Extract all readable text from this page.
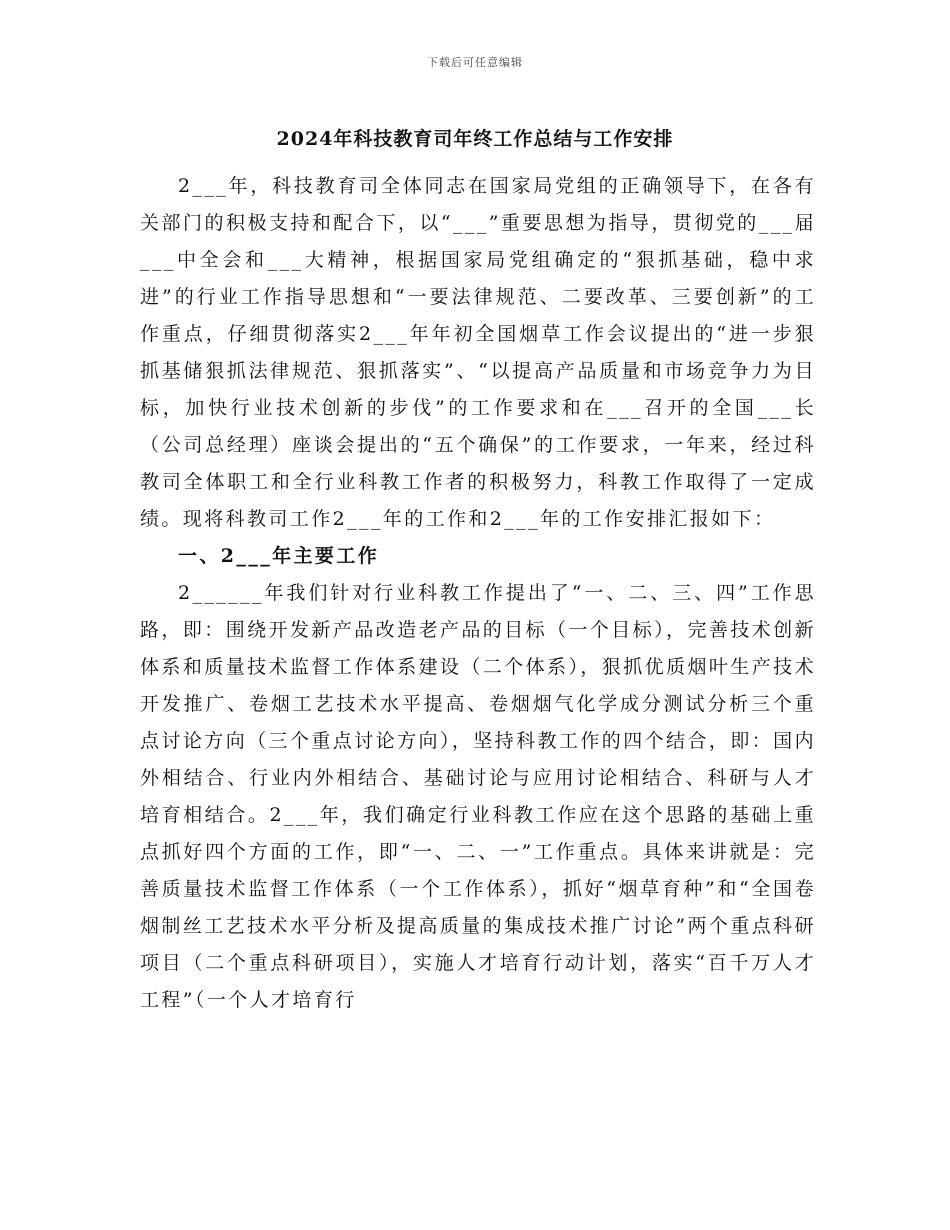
下载后可任意编辑
2024年科技教育司年终工作总结与工作安排

2___年，科技教育司全体同志在国家局党组的正确领导下，在各有关部门的积极支持和配合下，以“___”重要思想为指导，贯彻党的___届___中全会和___大精神，根据国家局党组确定的“狠抓基础，稳中求进”的行业工作指导思想和“一要法律规范、二要改革、三要创新”的工作重点，仔细贯彻落实2___年年初全国烟草工作会议提出的“进一步狠抓基储狠抓法律规范、狠抓落实”、“以提高产品质量和市场竞争力为目标，加快行业技术创新的步伐”的工作要求和在___召开的全国___长（公司总经理）座谈会提出的“五个确保”的工作要求，一年来，经过科教司全体职工和全行业科教工作者的积极努力，科教工作取得了一定成绩。现将科教司工作2___年的工作和2___年的工作安排汇报如下：

一、2___年主要工作

2______年我们针对行业科教工作提出了“一、二、三、四”工作思路，即：围绕开发新产品改造老产品的目标（一个目标），完善技术创新体系和质量技术监督工作体系建设（二个体系），狠抓优质烟叶生产技术开发推广、卷烟工艺技术水平提高、卷烟烟气化学成分测试分析三个重点讨论方向（三个重点讨论方向），坚持科教工作的四个结合，即：国内外相结合、行业内外相结合、基础讨论与应用讨论相结合、科研与人才培育相结合。2___年，我们确定行业科教工作应在这个思路的基础上重点抓好四个方面的工作，即“一、二、一”工作重点。具体来讲就是：完善质量技术监督工作体系（一个工作体系），抓好“烟草育种”和“全国卷烟制丝工艺技术水平分析及提高质量的集成技术推广讨论”两个重点科研项目（二个重点科研项目），实施人才培育行动计划，落实“百千万人才工程”（一个人才培育行
